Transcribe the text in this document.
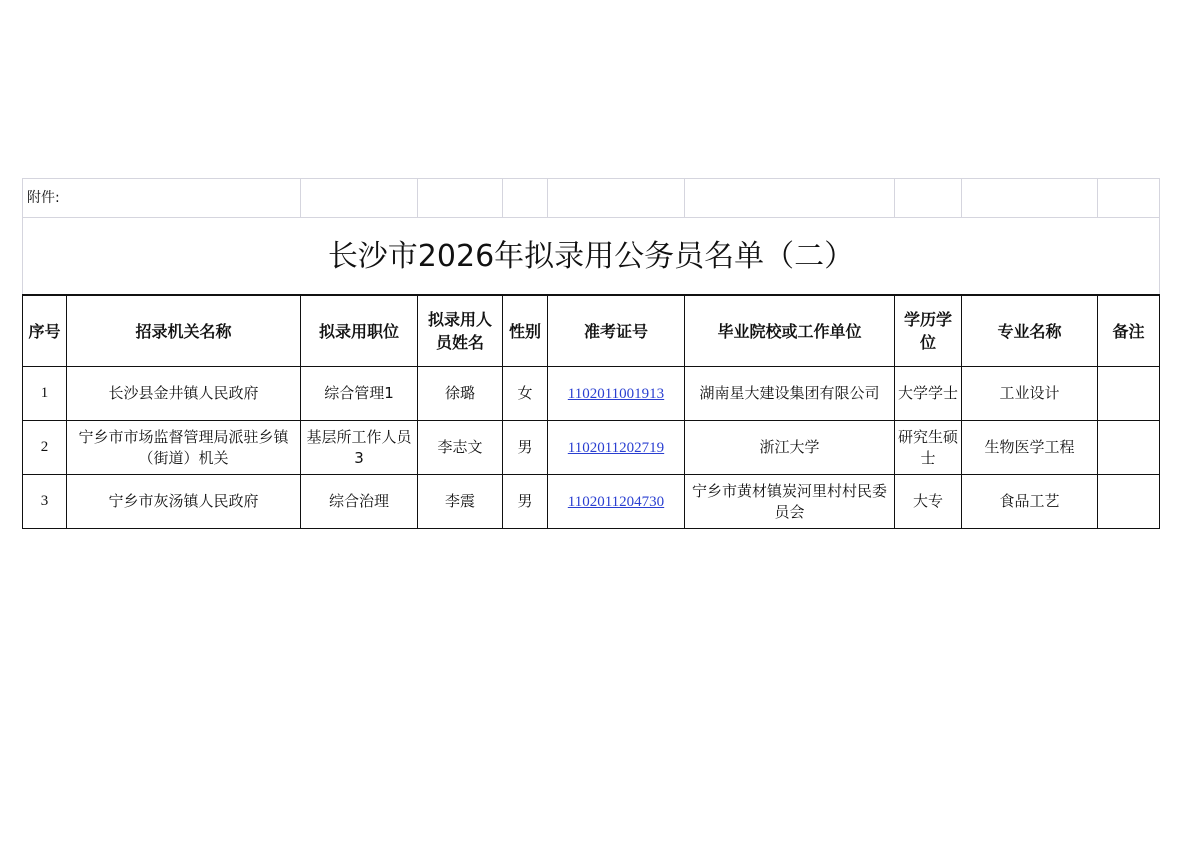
附件:									
长沙市2026年拟录用公务员名单（二）									
序号	招录机关名称	拟录用职位	拟录用人员姓名	性别	准考证号	毕业院校或工作单位	学历学位	专业名称	备注
1	长沙县金井镇人民政府	综合管理1	徐璐	女	1102011001913	湖南星大建设集团有限公司	大学学士	工业设计	
2	宁乡市市场监督管理局派驻乡镇（街道）机关	基层所工作人员3	李志文	男	1102011202719	浙江大学	研究生硕士	生物医学工程	
3	宁乡市灰汤镇人民政府	综合治理	李震	男	1102011204730	宁乡市黄材镇炭河里村村民委员会	大专	食品工艺	
